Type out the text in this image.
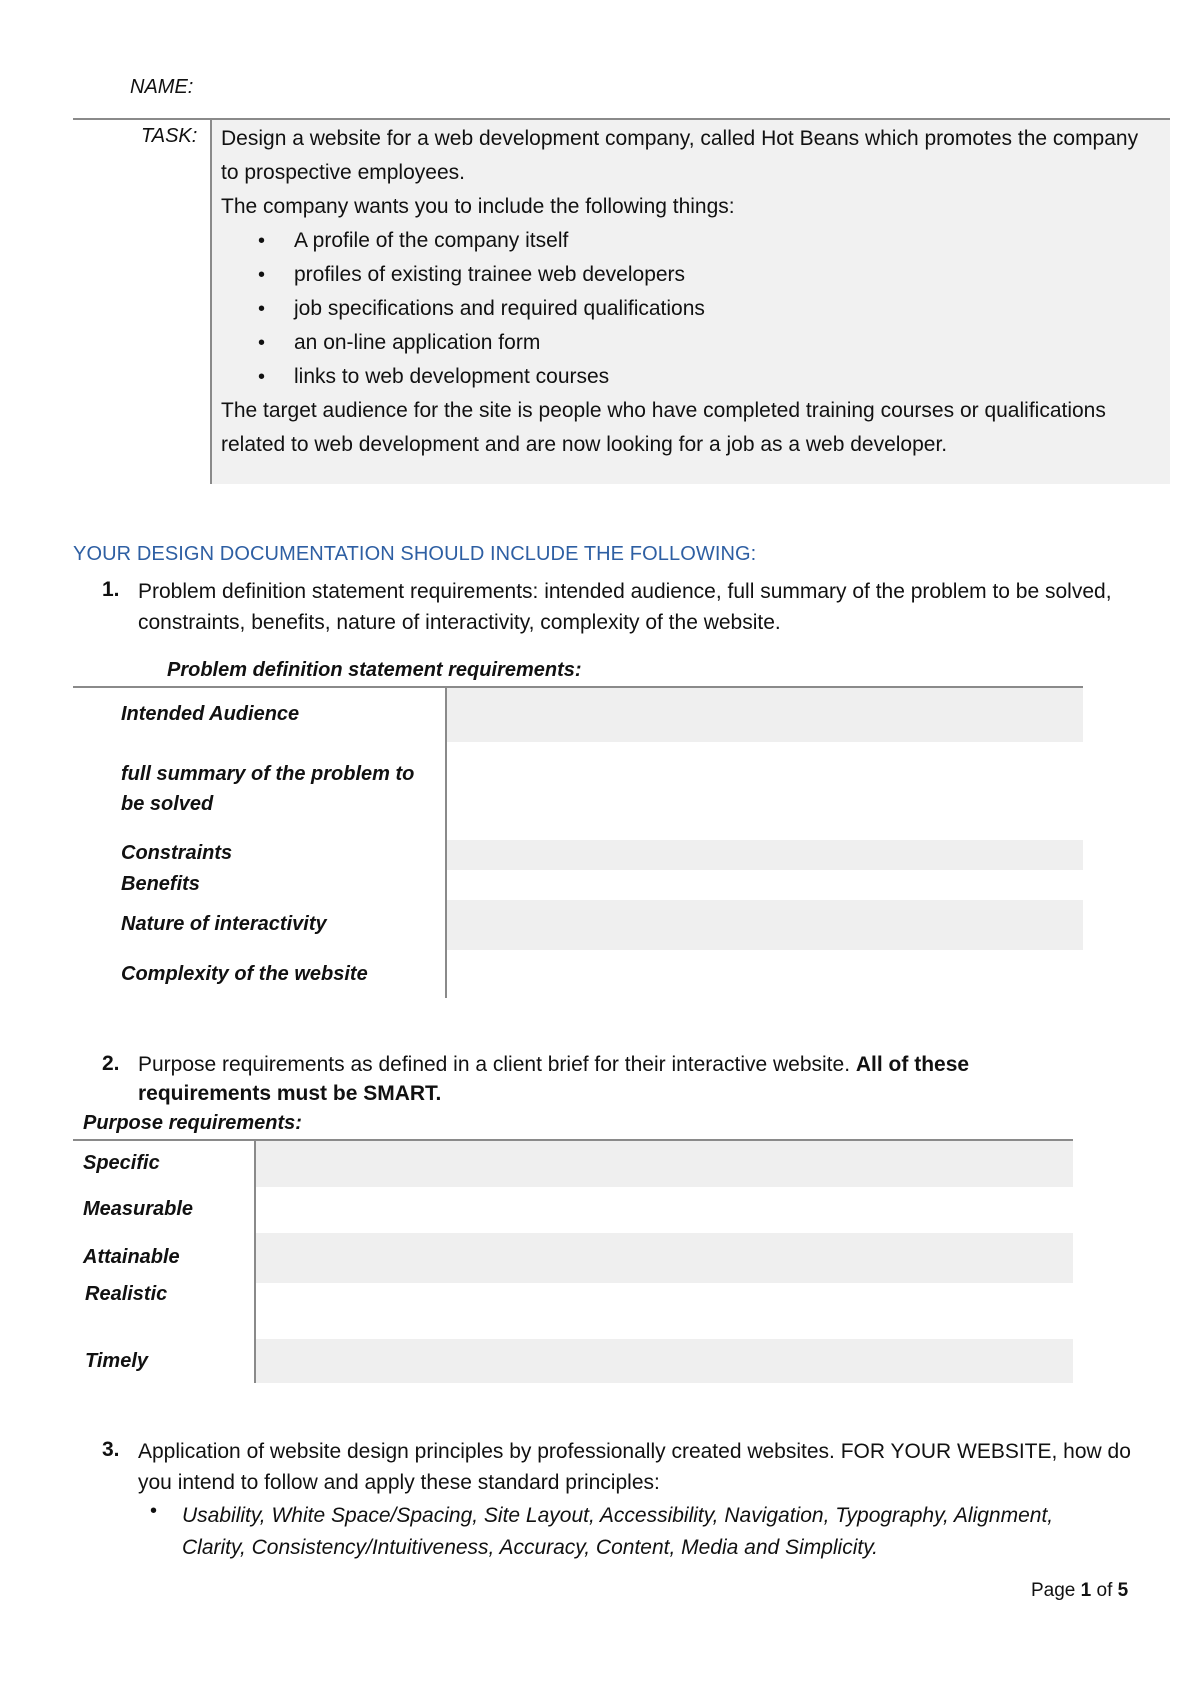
NAME:
TASK: Design a website for a web development company, called Hot Beans which promotes the company to prospective employees.

The company wants you to include the following things:

• A profile of the company itself
• profiles of existing trainee web developers
• job specifications and required qualifications
• an on-line application form
• links to web development courses

The target audience for the site is people who have completed training courses or qualifications related to web development and are now looking for a job as a web developer.

YOUR DESIGN DOCUMENTATION SHOULD INCLUDE THE FOLLOWING:
1. Problem definition statement requirements: intended audience, full summary of the problem to be solved, constraints, benefits, nature of interactivity, complexity of the website.
Problem definition statement requirements:
Intended Audience
full summary of the problem to be solved
Constraints
Benefits
Nature of interactivity
Complexity of the website
2. Purpose requirements as defined in a client brief for their interactive website. All of these requirements must be SMART.
Purpose requirements:
Specific
Measurable
Attainable
Realistic
Timely
3. Application of website design principles by professionally created websites. FOR YOUR WEBSITE, how do you intend to follow and apply these standard principles:
• Usability, White Space/Spacing, Site Layout, Accessibility, Navigation, Typography, Alignment, Clarity, Consistency/Intuitiveness, Accuracy, Content, Media and Simplicity.
Page 1 of 5
